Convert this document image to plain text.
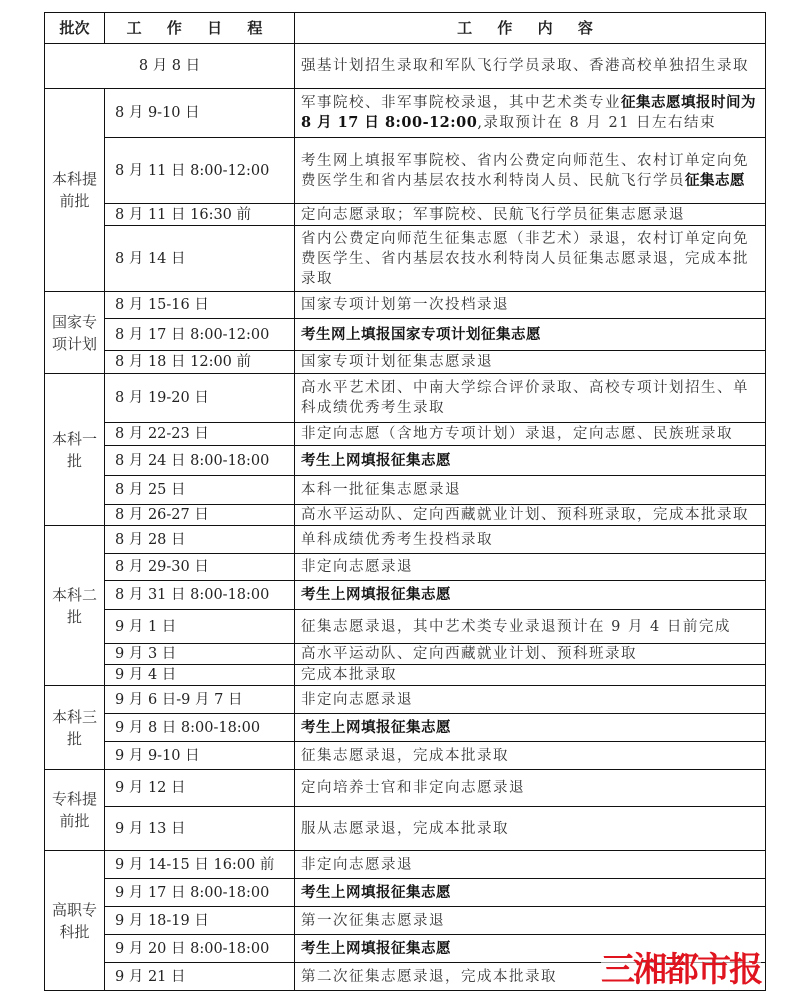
批次	工 作 日 程	工 作 内 容
8 月 8 日		强基计划招生录取和军队飞行学员录取、香港高校单独招生录取
本科提前批	8 月 9-10 日	军事院校、非军事院校录退，其中艺术类专业征集志愿填报时间为 8 月 17 日 8:00-12:00,录取预计在 8 月 21 日左右结束
	8 月 11 日 8:00-12:00	考生网上填报军事院校、省内公费定向师范生、农村订单定向免费医学生和省内基层农技水利特岗人员、民航飞行学员征集志愿
	8 月 11 日 16:30 前	定向志愿录取；军事院校、民航飞行学员征集志愿录退
	8 月 14 日	省内公费定向师范生征集志愿（非艺术）录退，农村订单定向免费医学生、省内基层农技水利特岗人员征集志愿录退，完成本批录取
国家专项计划	8 月 15-16 日	国家专项计划第一次投档录退
	8 月 17 日 8:00-12:00	考生网上填报国家专项计划征集志愿
	8 月 18 日 12:00 前	国家专项计划征集志愿录退
本科一批	8 月 19-20 日	高水平艺术团、中南大学综合评价录取、高校专项计划招生、单科成绩优秀考生录取
	8 月 22-23 日	非定向志愿（含地方专项计划）录退，定向志愿、民族班录取
	8 月 24 日 8:00-18:00	考生上网填报征集志愿
	8 月 25 日	本科一批征集志愿录退
	8 月 26-27 日	高水平运动队、定向西藏就业计划、预科班录取，完成本批录取
本科二批	8 月 28 日	单科成绩优秀考生投档录取
	8 月 29-30 日	非定向志愿录退
	8 月 31 日 8:00-18:00	考生上网填报征集志愿
	9 月 1 日	征集志愿录退，其中艺术类专业录退预计在 9 月 4 日前完成
	9 月 3 日	高水平运动队、定向西藏就业计划、预科班录取
	9 月 4 日	完成本批录取
本科三批	9 月 6 日-9 月 7 日	非定向志愿录退
	9 月 8 日 8:00-18:00	考生上网填报征集志愿
	9 月 9-10 日	征集志愿录退，完成本批录取
专科提前批	9 月 12 日	定向培养士官和非定向志愿录退
	9 月 13 日	服从志愿录退，完成本批录取
高职专科批	9 月 14-15 日 16:00 前	非定向志愿录退
	9 月 17 日 8:00-18:00	考生上网填报征集志愿
	9 月 18-19 日	第一次征集志愿录退
	9 月 20 日 8:00-18:00	考生上网填报征集志愿
	9 月 21 日	第二次征集志愿录退，完成本批录取 三湘都市报
